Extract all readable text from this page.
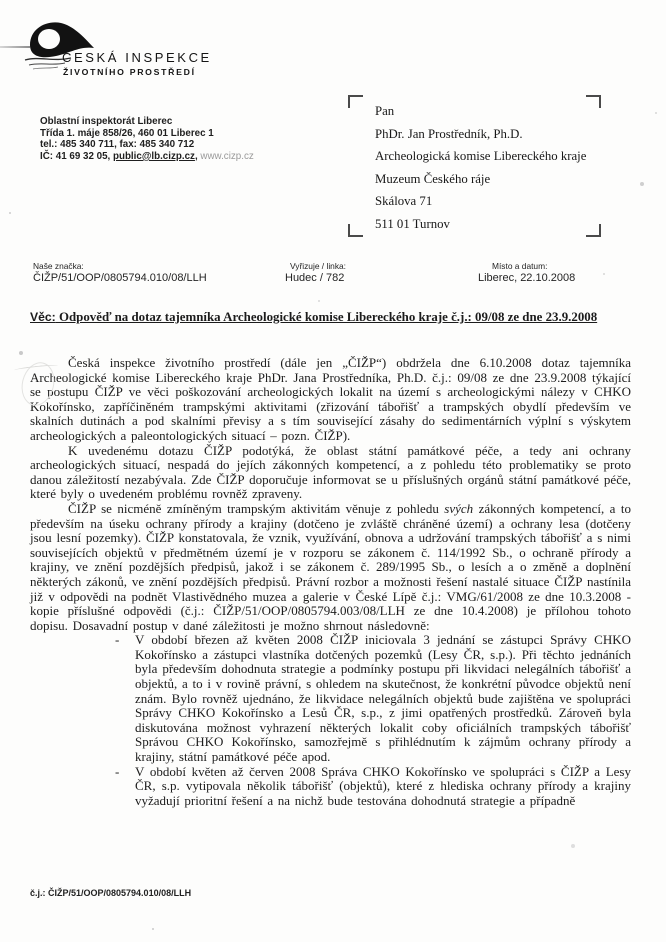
ČESKÁ INSPEKCE
ŽIVOTNÍHO PROSTŘEDÍ
Oblastní inspektorát Liberec
Třída 1. máje 858/26, 460 01 Liberec 1
tel.: 485 340 711, fax: 485 340 712
IČ: 41 69 32 05, public@lb.cizp.cz, www.cizp.cz
Pan
PhDr. Jan Prostředník, Ph.D.
Archeologická komise Libereckého kraje
Muzeum Českého ráje
Skálova 71
511 01 Turnov
Naše značka:
ČIŽP/51/OOP/0805794.010/08/LLH
Vyřizuje / linka:
Hudec / 782
Místo a datum:
Liberec, 22.10.2008
Věc: Odpověď na dotaz tajemníka Archeologické komise Libereckého kraje č.j.: 09/08 ze dne 23.9.2008

Česká inspekce životního prostředí (dále jen „ČIŽP“) obdržela dne 6.10.2008 dotaz tajemníka Archeologické komise Libereckého kraje PhDr. Jana Prostředníka, Ph.D. č.j.: 09/08 ze dne 23.9.2008 týkající se postupu ČIŽP ve věci poškozování archeologických lokalit na území s archeologickými nálezy v CHKO Kokořínsko, zapříčiněném trampskými aktivitami (zřizování tábořišť a trampských obydlí především ve skalních dutinách a pod skalními převisy a s tím související zásahy do sedimentárních výplní s výskytem archeologických a paleontologických situací – pozn. ČIŽP).

K uvedenému dotazu ČIŽP podotýká, že oblast státní památkové péče, a tedy ani ochrany archeologických situací, nespadá do jejích zákonných kompetencí, a z pohledu této problematiky se proto danou záležitostí nezabývala. Zde ČIŽP doporučuje informovat se u příslušných orgánů státní památkové péče, které byly o uvedeném problému rovněž zpraveny.

ČIŽP se nicméně zmíněným trampským aktivitám věnuje z pohledu svých zákonných kompetencí, a to především na úseku ochrany přírody a krajiny (dotčeno je zvláště chráněné území) a ochrany lesa (dotčeny jsou lesní pozemky). ČIŽP konstatovala, že vznik, využívání, obnova a udržování trampských tábořišť a s nimi souvisejících objektů v předmětném území je v rozporu se zákonem č. 114/1992 Sb., o ochraně přírody a krajiny, ve znění pozdějších předpisů, jakož i se zákonem č. 289/1995 Sb., o lesích a o změně a doplnění některých zákonů, ve znění pozdějších předpisů. Právní rozbor a možnosti řešení nastalé situace ČIŽP nastínila již v odpovědi na podnět Vlastivědného muzea a galerie v České Lípě č.j.: VMG/61/2008 ze dne 10.3.2008 - kopie příslušné odpovědi (č.j.: ČIŽP/51/OOP/0805794.003/08/LLH ze dne 10.4.2008) je přílohou tohoto dopisu. Dosavadní postup v dané záležitosti je možno shrnout následovně:

-	V období březen až květen 2008 ČIŽP iniciovala 3 jednání se zástupci Správy CHKO Kokořínsko a zástupci vlastníka dotčených pozemků (Lesy ČR, s.p.). Při těchto jednáních byla především dohodnuta strategie a podmínky postupu při likvidaci nelegálních tábořišť a objektů, a to i v rovině právní, s ohledem na skutečnost, že konkrétní původce objektů není znám. Bylo rovněž ujednáno, že likvidace nelegálních objektů bude zajištěna ve spolupráci Správy CHKO Kokořínsko a Lesů ČR, s.p., z jimi opatřených prostředků. Zároveň byla diskutována možnost vyhrazení některých lokalit coby oficiálních trampských tábořišť Správou CHKO Kokořínsko, samozřejmě s přihlédnutím k zájmům ochrany přírody a krajiny, státní památkové péče apod.
-	V období květen až červen 2008 Správa CHKO Kokořínsko ve spolupráci s ČIŽP a Lesy ČR, s.p. vytipovala několik tábořišť (objektů), které z hlediska ochrany přírody a krajiny vyžadují prioritní řešení a na nichž bude testována dohodnutá strategie a případně
č.j.: ČIŽP/51/OOP/0805794.010/08/LLH
